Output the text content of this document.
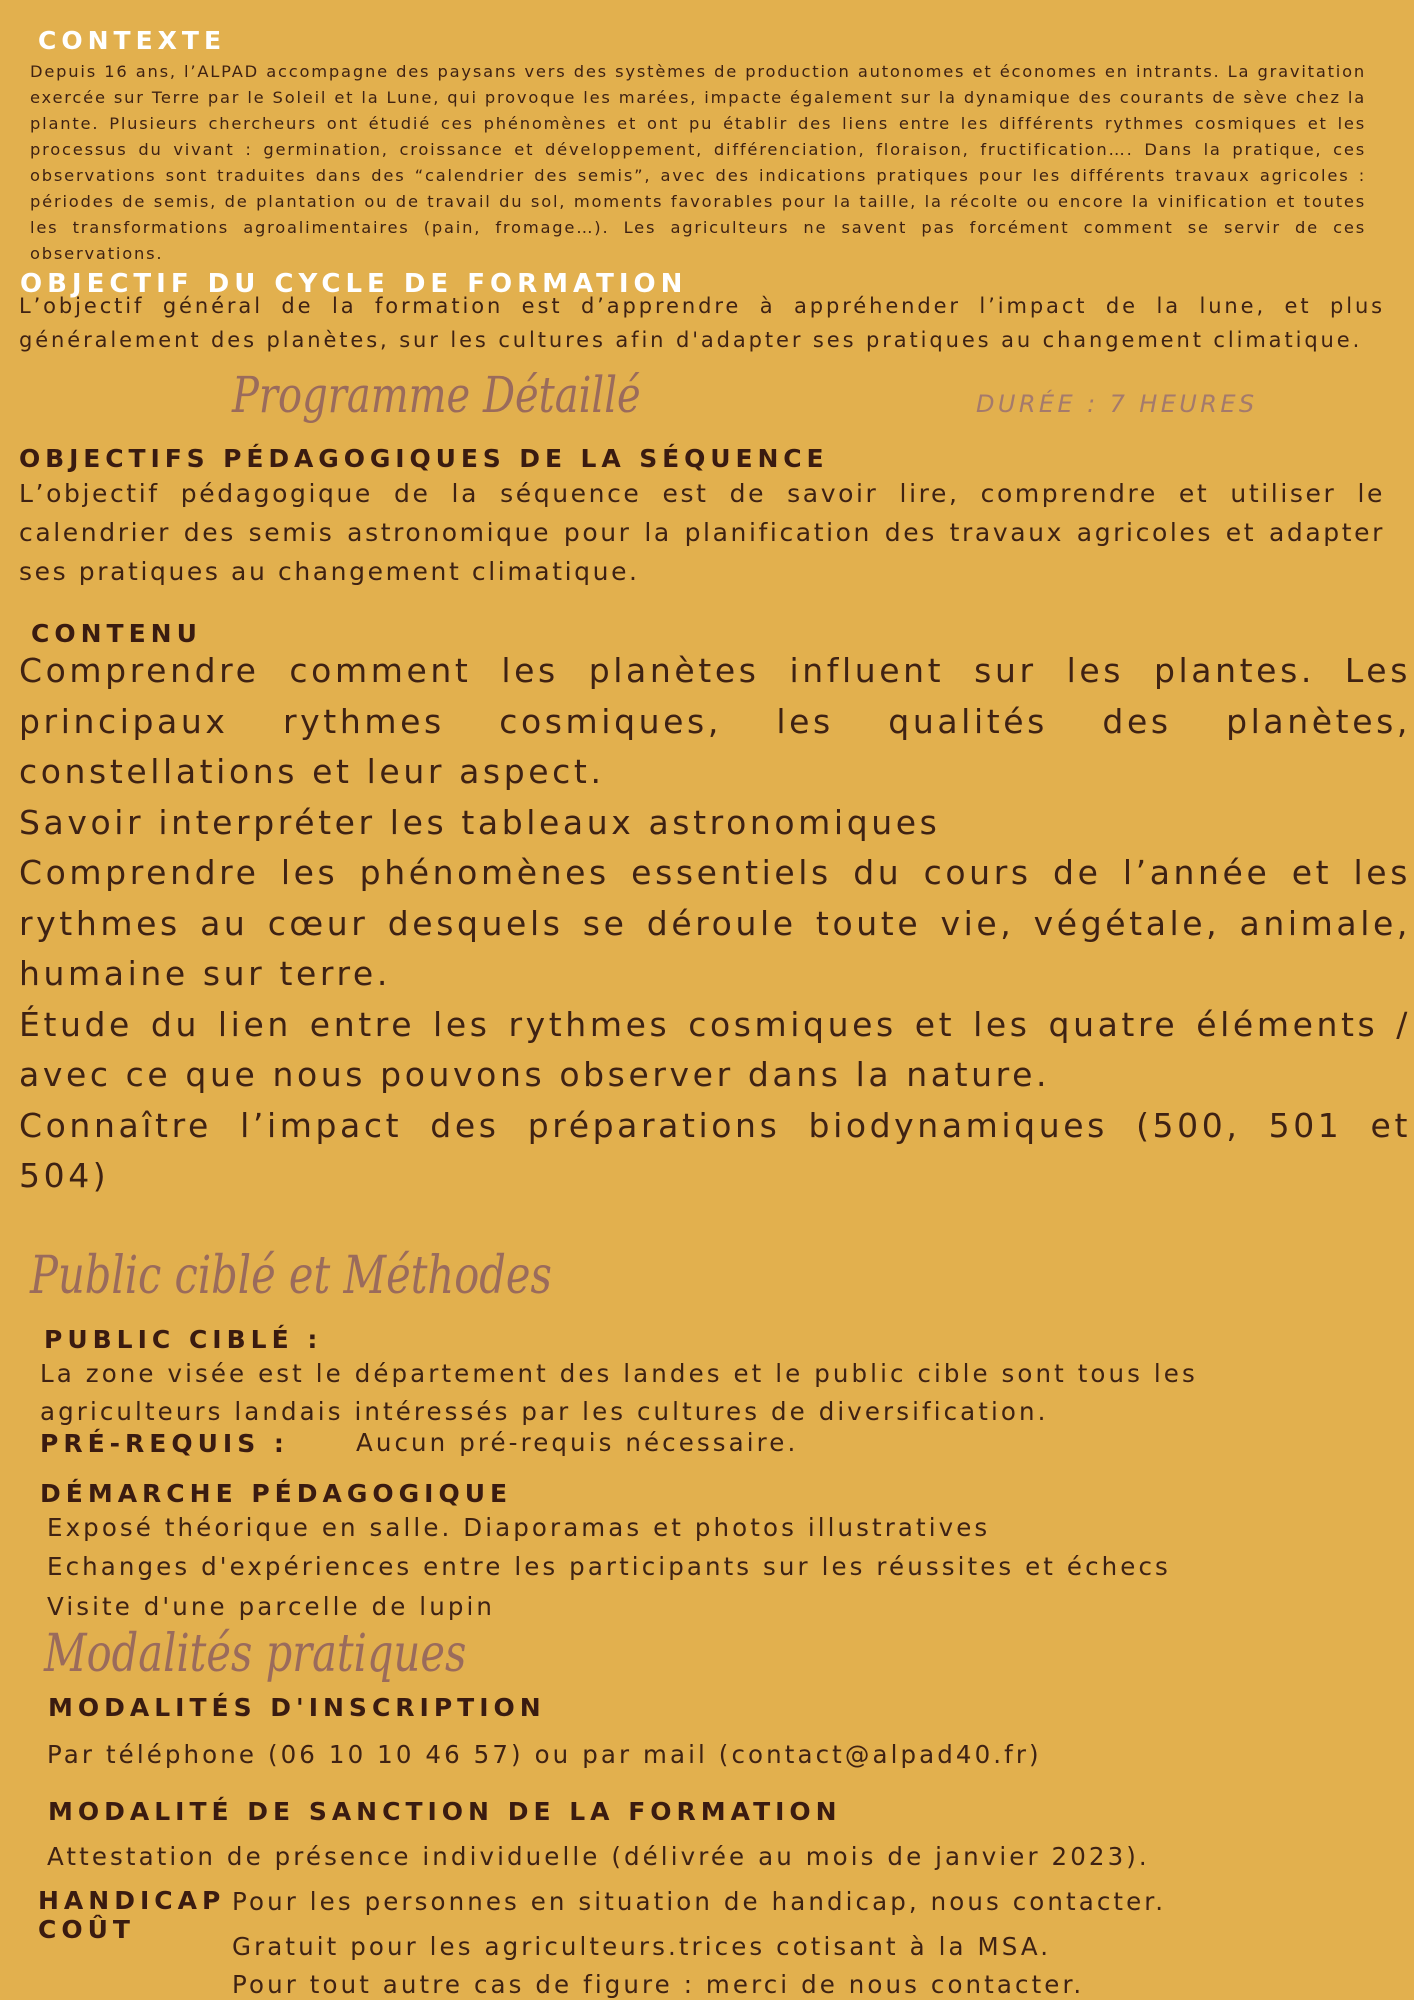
CONTEXTE

Depuis 16 ans, l’ALPAD accompagne des paysans vers des systèmes de production autonomes et économes en intrants. La gravitation exercée sur Terre par le Soleil et la Lune, qui provoque les marées, impacte également sur la dynamique des courants de sève chez la plante. Plusieurs chercheurs ont étudié ces phénomènes et ont pu établir des liens entre les différents rythmes cosmiques et les processus du vivant : germination, croissance et développement, différenciation, floraison, fructification…. Dans la pratique, ces observations sont traduites dans des “calendrier des semis”, avec des indications pratiques pour les différents travaux agricoles : périodes de semis, de plantation ou de travail du sol, moments favorables pour la taille, la récolte ou encore la vinification et toutes les transformations agroalimentaires (pain, fromage…). Les agriculteurs ne savent pas forcément comment se servir de ces observations.

OBJECTIF DU CYCLE DE FORMATION

L’objectif général de la formation est d’apprendre à appréhender l’impact de la lune, et plus généralement des planètes, sur les cultures afin d'adapter ses pratiques au changement climatique.

Programme Détaillé	DURÉE : 7 HEURES
OBJECTIFS PÉDAGOGIQUES DE LA SÉQUENCE

L’objectif pédagogique de la séquence est de savoir lire, comprendre et utiliser le calendrier des semis astronomique pour la planification des travaux agricoles et adapter ses pratiques au changement climatique.

CONTENU

Comprendre comment les planètes influent sur les plantes. Les principaux rythmes cosmiques, les qualités des planètes, constellations et leur aspect.

Savoir interpréter les tableaux astronomiques

Comprendre les phénomènes essentiels du cours de l’année et les rythmes au cœur desquels se déroule toute vie, végétale, animale, humaine sur terre.

Étude du lien entre les rythmes cosmiques et les quatre éléments / avec ce que nous pouvons observer dans la nature.

Connaître l’impact des préparations biodynamiques (500, 501 et 504)

Public ciblé et Méthodes
PUBLIC CIBLÉ :
La zone visée est le département des landes et le public cible sont tous les
agriculteurs landais intéressés par les cultures de diversification.
PRÉ-REQUIS :	Aucun pré-requis nécessaire.
DÉMARCHE PÉDAGOGIQUE
Exposé théorique en salle. Diaporamas et photos illustratives
Echanges d'expériences entre les participants sur les réussites et échecs
Visite d'une parcelle de lupin
Modalités pratiques
MODALITÉS D'INSCRIPTION
Par téléphone (06 10 10 46 57) ou par mail (contact@alpad40.fr)
MODALITÉ DE SANCTION DE LA FORMATION
Attestation de présence individuelle (délivrée au mois de janvier 2023).
HANDICAP Pour les personnes en situation de handicap, nous contacter.
COÛT
Gratuit pour les agriculteurs.trices cotisant à la MSA.
Pour tout autre cas de figure : merci de nous contacter.
